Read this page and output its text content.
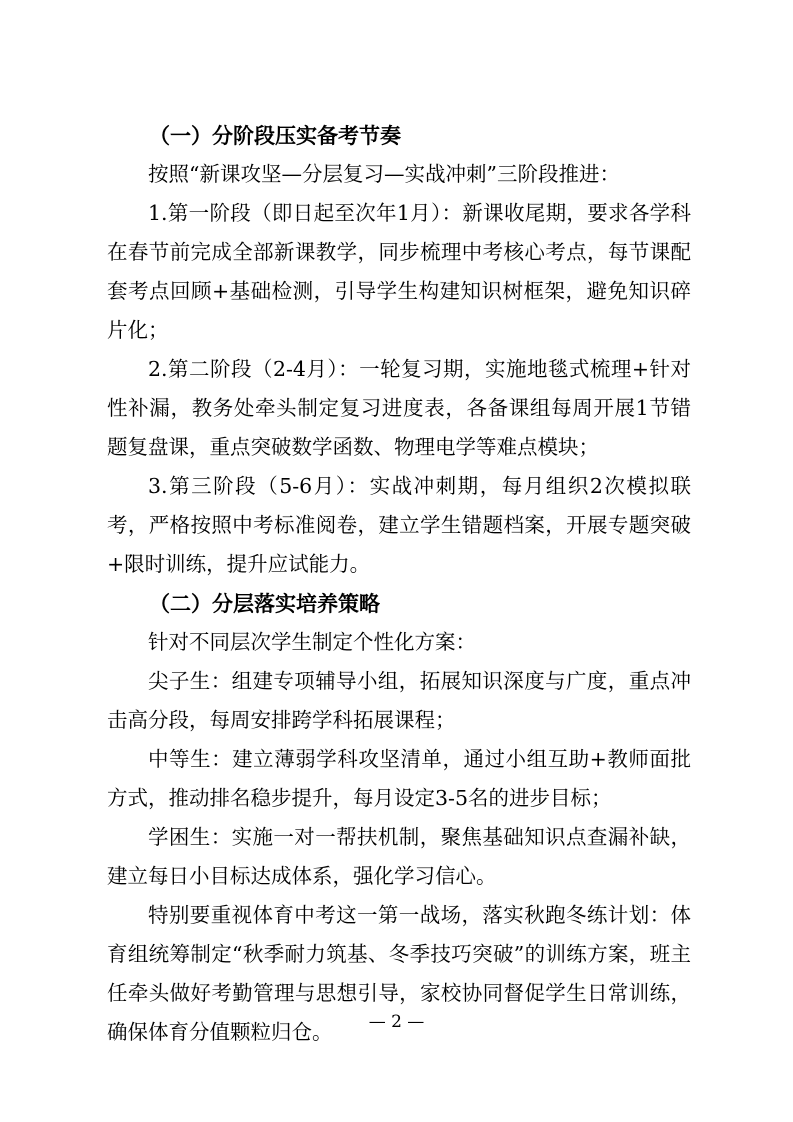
（一）分阶段压实备考节奏

按照“新课攻坚—分层复习—实战冲刺”三阶段推进：

1.第一阶段（即日起至次年1月）：新课收尾期，要求各学科在春节前完成全部新课教学，同步梳理中考核心考点，每节课配套考点回顾+基础检测，引导学生构建知识树框架，避免知识碎片化；

2.第二阶段（2-4月）：一轮复习期，实施地毯式梳理+针对性补漏，教务处牵头制定复习进度表，各备课组每周开展1节错题复盘课，重点突破数学函数、物理电学等难点模块；

3.第三阶段（5-6月）：实战冲刺期，每月组织2次模拟联考，严格按照中考标准阅卷，建立学生错题档案，开展专题突破+限时训练，提升应试能力。

（二）分层落实培养策略

针对不同层次学生制定个性化方案：

尖子生：组建专项辅导小组，拓展知识深度与广度，重点冲击高分段，每周安排跨学科拓展课程；

中等生：建立薄弱学科攻坚清单，通过小组互助+教师面批方式，推动排名稳步提升，每月设定3-5名的进步目标；

学困生：实施一对一帮扶机制，聚焦基础知识点查漏补缺，建立每日小目标达成体系，强化学习信心。

特别要重视体育中考这一第一战场，落实秋跑冬练计划：体育组统筹制定“秋季耐力筑基、冬季技巧突破”的训练方案，班主任牵头做好考勤管理与思想引导，家校协同督促学生日常训练，确保体育分值颗粒归仓。	— 2 —
